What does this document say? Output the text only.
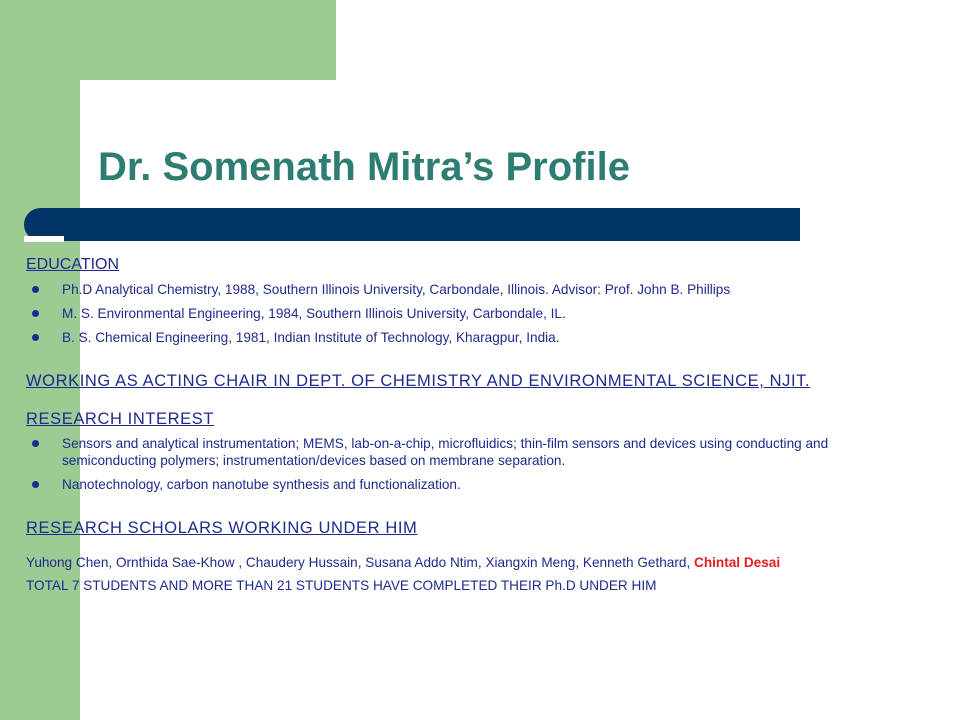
Dr. Somenath Mitra’s Profile
EDUCATION
Ph.D Analytical Chemistry, 1988, Southern Illinois University, Carbondale, Illinois. Advisor: Prof. John B. Phillips
M. S. Environmental Engineering, 1984, Southern Illinois University, Carbondale, IL.
B. S. Chemical Engineering, 1981, Indian Institute of Technology, Kharagpur, India.
WORKING AS ACTING CHAIR IN DEPT. OF CHEMISTRY AND ENVIRONMENTAL SCIENCE, NJIT.
RESEARCH INTEREST
Sensors and analytical instrumentation; MEMS, lab-on-a-chip, microfluidics; thin-film sensors and devices using conducting and semiconducting polymers; instrumentation/devices based on membrane separation.
Nanotechnology, carbon nanotube synthesis and functionalization.
RESEARCH SCHOLARS WORKING UNDER HIM

Yuhong Chen, Ornthida Sae-Khow , Chaudery Hussain, Susana Addo Ntim, Xiangxin Meng, Kenneth Gethard, Chintal Desai

TOTAL 7 STUDENTS AND MORE THAN 21 STUDENTS HAVE COMPLETED THEIR Ph.D UNDER HIM
